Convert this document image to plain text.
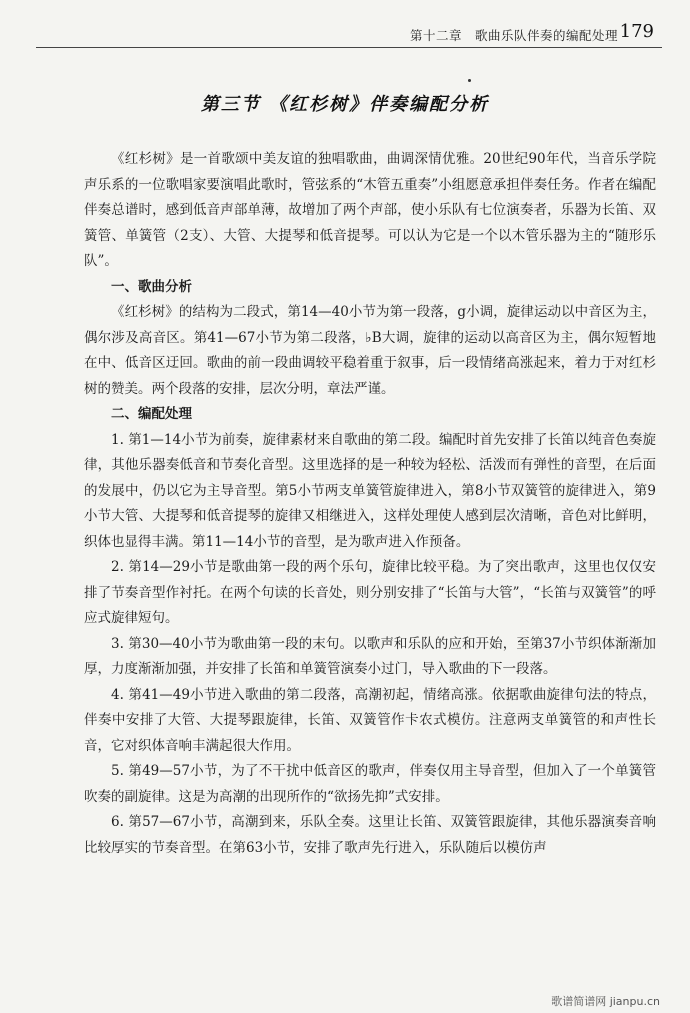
第十二章　歌曲乐队伴奏的编配处理 179
第三节 《红杉树》伴奏编配分析

《红杉树》是一首歌颂中美友谊的独唱歌曲，曲调深情优雅。20世纪90年代，当音乐学院声乐系的一位歌唱家要演唱此歌时，管弦系的“木管五重奏”小组愿意承担伴奏任务。作者在编配伴奏总谱时，感到低音声部单薄，故增加了两个声部，使小乐队有七位演奏者，乐器为长笛、双簧管、单簧管（2支）、大管、大提琴和低音提琴。可以认为它是一个以木管乐器为主的“随形乐队”。

一、歌曲分析

《红杉树》的结构为二段式，第14—40小节为第一段落，g小调，旋律运动以中音区为主，偶尔涉及高音区。第41—67小节为第二段落，♭B大调，旋律的运动以高音区为主，偶尔短暂地在中、低音区迂回。歌曲的前一段曲调较平稳着重于叙事，后一段情绪高涨起来，着力于对红杉树的赞美。两个段落的安排，层次分明，章法严谨。

二、编配处理

1. 第1—14小节为前奏，旋律素材来自歌曲的第二段。编配时首先安排了长笛以纯音色奏旋律，其他乐器奏低音和节奏化音型。这里选择的是一种较为轻松、活泼而有弹性的音型，在后面的发展中，仍以它为主导音型。第5小节两支单簧管旋律进入，第8小节双簧管的旋律进入，第9小节大管、大提琴和低音提琴的旋律又相继进入，这样处理使人感到层次清晰，音色对比鲜明，织体也显得丰满。第11—14小节的音型，是为歌声进入作预备。

2. 第14—29小节是歌曲第一段的两个乐句，旋律比较平稳。为了突出歌声，这里也仅仅安排了节奏音型作衬托。在两个句读的长音处，则分别安排了“长笛与大管”，“长笛与双簧管”的呼应式旋律短句。

3. 第30—40小节为歌曲第一段的末句。以歌声和乐队的应和开始，至第37小节织体渐渐加厚，力度渐渐加强，并安排了长笛和单簧管演奏小过门，导入歌曲的下一段落。

4. 第41—49小节进入歌曲的第二段落，高潮初起，情绪高涨。依据歌曲旋律句法的特点，伴奏中安排了大管、大提琴跟旋律，长笛、双簧管作卡农式模仿。注意两支单簧管的和声性长音，它对织体音响丰满起很大作用。

5. 第49—57小节，为了不干扰中低音区的歌声，伴奏仅用主导音型，但加入了一个单簧管吹奏的副旋律。这是为高潮的出现所作的“欲扬先抑”式安排。

6. 第57—67小节，高潮到来，乐队全奏。这里让长笛、双簧管跟旋律，其他乐器演奏音响比较厚实的节奏音型。在第63小节，安排了歌声先行进入，乐队随后以模仿声

歌谱简谱网 jianpu.cn
